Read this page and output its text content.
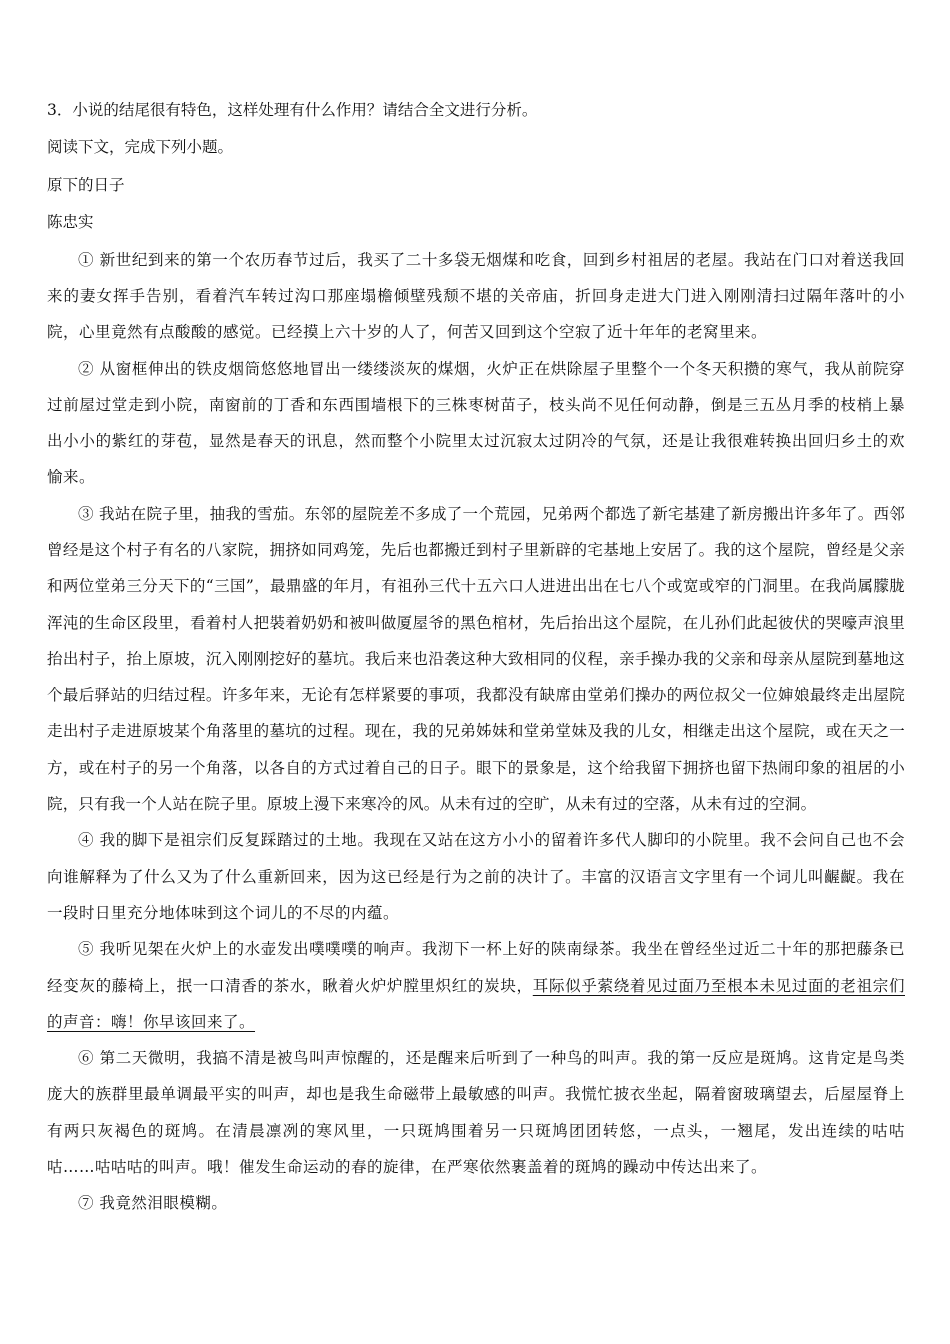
3．小说的结尾很有特色，这样处理有什么作用？请结合全文进行分析。

阅读下文，完成下列小题。

原下的日子

陈忠实

① 新世纪到来的第一个农历春节过后，我买了二十多袋无烟煤和吃食，回到乡村祖居的老屋。我站在门口对着送我回来的妻女挥手告别，看着汽车转过沟口那座塌檐倾壁残颓不堪的关帝庙，折回身走进大门进入刚刚清扫过隔年落叶的小院，心里竟然有点酸酸的感觉。已经摸上六十岁的人了，何苦又回到这个空寂了近十年年的老窝里来。

② 从窗框伸出的铁皮烟筒悠悠地冒出一缕缕淡灰的煤烟，火炉正在烘除屋子里整个一个冬天积攒的寒气，我从前院穿过前屋过堂走到小院，南窗前的丁香和东西围墙根下的三株枣树苗子，枝头尚不见任何动静，倒是三五丛月季的枝梢上暴出小小的紫红的芽苞，显然是春天的讯息，然而整个小院里太过沉寂太过阴冷的气氛，还是让我很难转换出回归乡土的欢愉来。

③ 我站在院子里，抽我的雪茄。东邻的屋院差不多成了一个荒园，兄弟两个都选了新宅基建了新房搬出许多年了。西邻曾经是这个村子有名的八家院，拥挤如同鸡笼，先后也都搬迁到村子里新辟的宅基地上安居了。我的这个屋院，曾经是父亲和两位堂弟三分天下的“三国”，最鼎盛的年月，有祖孙三代十五六口人进进出出在七八个或宽或窄的门洞里。在我尚属朦胧浑沌的生命区段里，看着村人把裝着奶奶和被叫做厦屋爷的黑色棺材，先后抬出这个屋院，在儿孙们此起彼伏的哭嚎声浪里抬出村子，抬上原坡，沉入刚刚挖好的墓坑。我后来也沿袭这种大致相同的仪程，亲手操办我的父亲和母亲从屋院到墓地这个最后驿站的归结过程。许多年来，无论有怎样紧要的事项，我都没有缺席由堂弟们操办的两位叔父一位婶娘最终走出屋院走出村子走进原坡某个角落里的墓坑的过程。现在，我的兄弟姊妹和堂弟堂妹及我的儿女，相继走出这个屋院，或在天之一方，或在村子的另一个角落，以各自的方式过着自己的日子。眼下的景象是，这个给我留下拥挤也留下热闹印象的祖居的小院，只有我一个人站在院子里。原坡上漫下来寒冷的风。从未有过的空旷，从未有过的空落，从未有过的空洞。

④ 我的脚下是祖宗们反复踩踏过的土地。我现在又站在这方小小的留着许多代人脚印的小院里。我不会问自己也不会向谁解释为了什么又为了什么重新回来，因为这已经是行为之前的决计了。丰富的汉语言文字里有一个词儿叫齷齪。我在一段时日里充分地体味到这个词儿的不尽的内蕴。

⑤ 我听见架在火炉上的水壶发出噗噗噗的响声。我沏下一杯上好的陕南绿茶。我坐在曾经坐过近二十年的那把藤条已经变灰的藤椅上，抿一口清香的茶水，瞅着火炉炉膛里炽红的炭块，耳际似乎萦绕着见过面乃至根本未见过面的老祖宗们的声音：嗨！你早该回来了。

⑥ 第二天微明，我搞不清是被鸟叫声惊醒的，还是醒来后听到了一种鸟的叫声。我的第一反应是斑鸠。这肯定是鸟类庞大的族群里最单调最平实的叫声，却也是我生命磁带上最敏感的叫声。我慌忙披衣坐起，隔着窗玻璃望去，后屋屋脊上有两只灰褐色的斑鸠。在清晨凛冽的寒风里，一只斑鸠围着另一只斑鸠团团转悠，一点头，一翘尾，发出连续的咕咕咕……咕咕咕的叫声。哦！催发生命运动的春的旋律，在严寒依然裹盖着的斑鸠的躁动中传达出来了。

⑦ 我竟然泪眼模糊。
